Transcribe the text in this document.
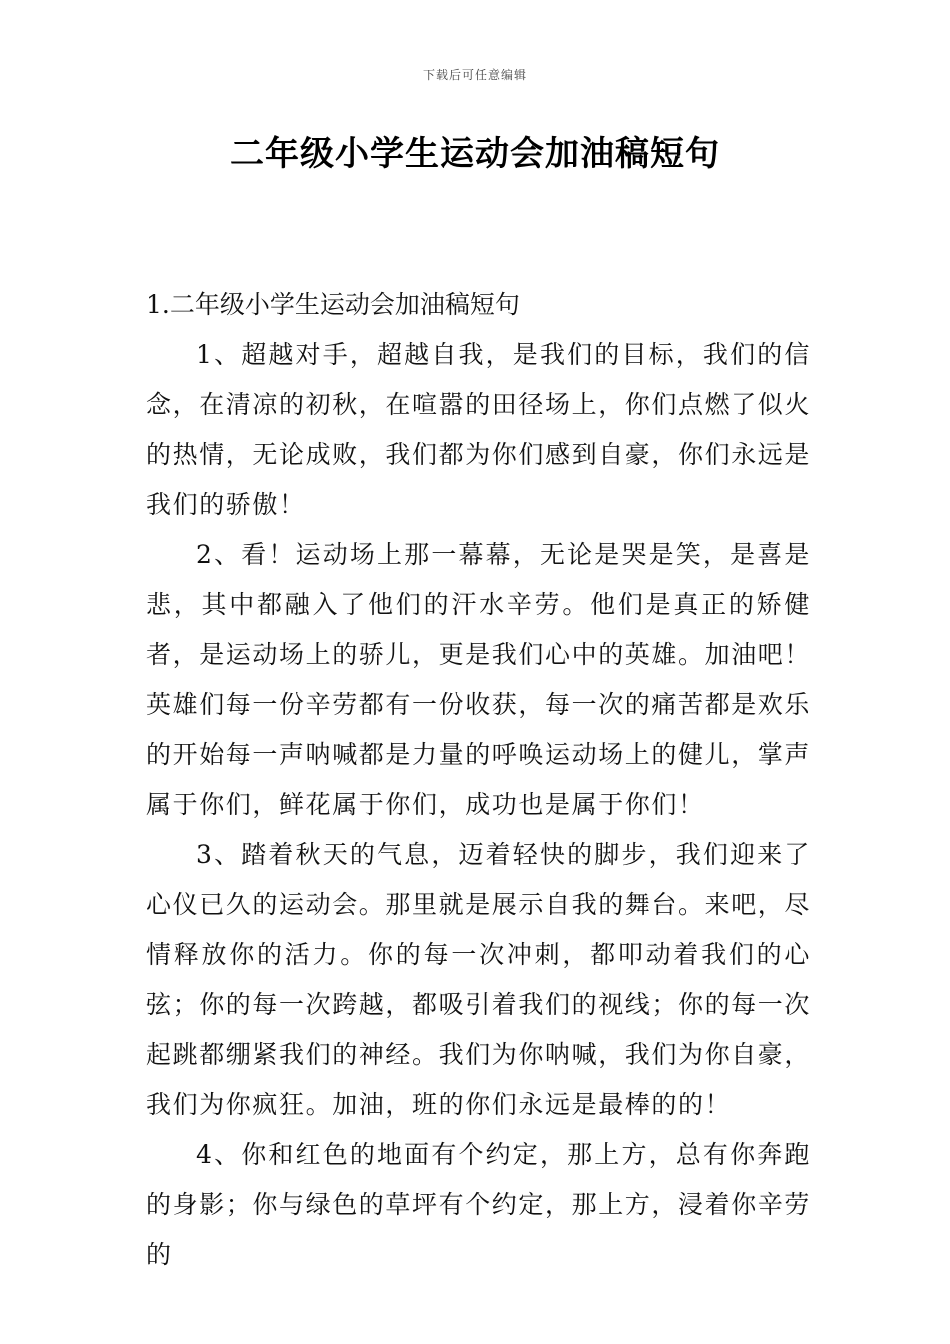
下载后可任意编辑
二年级小学生运动会加油稿短句

1.二年级小学生运动会加油稿短句

1、超越对手，超越自我，是我们的目标，我们的信念，在清凉的初秋，在喧嚣的田径场上，你们点燃了似火的热情，无论成败，我们都为你们感到自豪，你们永远是我们的骄傲！

2、看！运动场上那一幕幕，无论是哭是笑，是喜是悲，其中都融入了他们的汗水辛劳。他们是真正的矫健者，是运动场上的骄儿，更是我们心中的英雄。加油吧！英雄们每一份辛劳都有一份收获，每一次的痛苦都是欢乐的开始每一声呐喊都是力量的呼唤运动场上的健儿，掌声属于你们，鲜花属于你们，成功也是属于你们！

3、踏着秋天的气息，迈着轻快的脚步，我们迎来了心仪已久的运动会。那里就是展示自我的舞台。来吧，尽情释放你的活力。你的每一次冲刺，都叩动着我们的心弦；你的每一次跨越，都吸引着我们的视线；你的每一次起跳都绷紧我们的神经。我们为你呐喊，我们为你自豪，我们为你疯狂。加油，班的你们永远是最棒的的！

4、你和红色的地面有个约定，那上方，总有你奔跑的身影；你与绿色的草坪有个约定，那上方，浸着你辛劳的
